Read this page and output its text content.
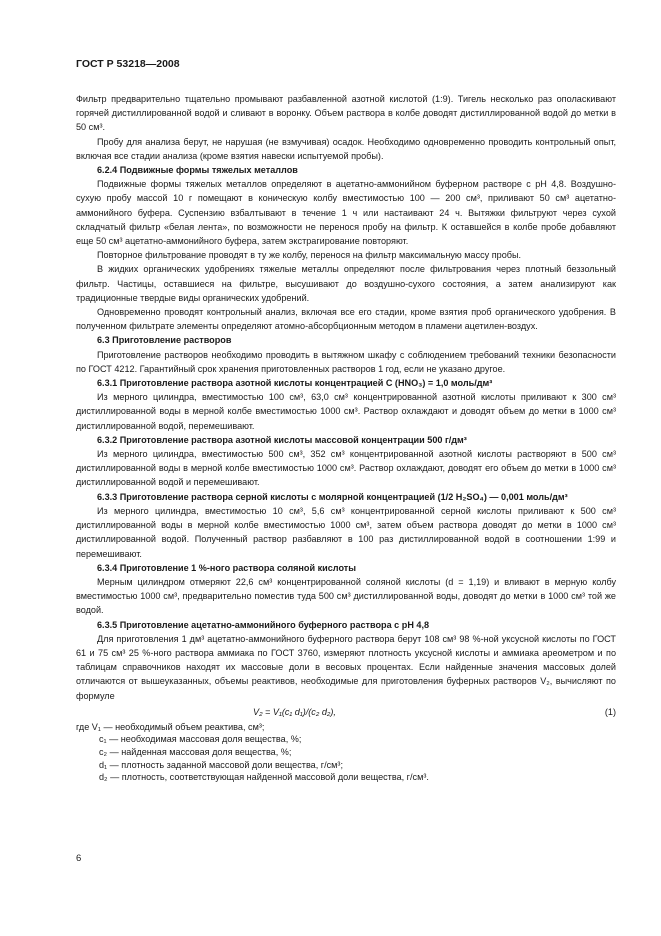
ГОСТ Р 53218—2008

Фильтр предварительно тщательно промывают разбавленной азотной кислотой (1:9). Тигель несколько раз ополаскивают горячей дистиллированной водой и сливают в воронку. Объем раствора в колбе доводят дистиллированной водой до метки в 50 см³.

Пробу для анализа берут, не нарушая (не взмучивая) осадок. Необходимо одновременно проводить контрольный опыт, включая все стадии анализа (кроме взятия навески испытуемой пробы).

6.2.4 Подвижные формы тяжелых металлов

Подвижные формы тяжелых металлов определяют в ацетатно-аммонийном буферном растворе с pH 4,8. Воздушно-сухую пробу массой 10 г помещают в коническую колбу вместимостью 100 — 200 см³, приливают 50 см³ ацетатно-аммонийного буфера. Суспензию взбалтывают в течение 1 ч или настаивают 24 ч. Вытяжки фильтруют через сухой складчатый фильтр «белая лента», по возможности не перенося пробу на фильтр. К оставшейся в колбе пробе добавляют еще 50 см³ ацетатно-аммонийного буфера, затем экстрагирование повторяют.

Повторное фильтрование проводят в ту же колбу, перенося на фильтр максимальную массу пробы.

В жидких органических удобрениях тяжелые металлы определяют после фильтрования через плотный беззольный фильтр. Частицы, оставшиеся на фильтре, высушивают до воздушно-сухого состояния, а затем анализируют как традиционные твердые виды органических удобрений.

Одновременно проводят контрольный анализ, включая все его стадии, кроме взятия проб органического удобрения. В полученном фильтрате элементы определяют атомно-абсорбционным методом в пламени ацетилен-воздух.

6.3 Приготовление растворов

Приготовление растворов необходимо проводить в вытяжном шкафу с соблюдением требований техники безопасности по ГОСТ 4212. Гарантийный срок хранения приготовленных растворов 1 год, если не указано другое.

6.3.1 Приготовление раствора азотной кислоты концентрацией C (HNO₃) = 1,0 моль/дм³

Из мерного цилиндра, вместимостью 100 см³, 63,0 см³ концентрированной азотной кислоты приливают к 300 см³ дистиллированной воды в мерной колбе вместимостью 1000 см³. Раствор охлаждают и доводят объем до метки в 1000 см³ дистиллированной водой, перемешивают.

6.3.2 Приготовление раствора азотной кислоты массовой концентрации 500 г/дм³

Из мерного цилиндра, вместимостью 500 см³, 352 см³ концентрированной азотной кислоты растворяют в 500 см³ дистиллированной воды в мерной колбе вместимостью 1000 см³. Раствор охлаждают, доводят его объем до метки в 1000 см³ дистиллированной водой и перемешивают.

6.3.3 Приготовление раствора серной кислоты с молярной концентрацией (1/2 H₂SO₄) — 0,001 моль/дм³

Из мерного цилиндра, вместимостью 10 см³, 5,6 см³ концентрированной серной кислоты приливают к 500 см³ дистиллированной воды в мерной колбе вместимостью 1000 см³, затем объем раствора доводят до метки в 1000 см³ дистиллированной водой. Полученный раствор разбавляют в 100 раз дистиллированной водой в соотношении 1:99 и перемешивают.

6.3.4 Приготовление 1 %-ного раствора соляной кислоты

Мерным цилиндром отмеряют 22,6 см³ концентрированной соляной кислоты (d = 1,19) и вливают в мерную колбу вместимостью 1000 см³, предварительно поместив туда 500 см³ дистиллированной воды, доводят до метки в 1000 см³ той же водой.

6.3.5 Приготовление ацетатно-аммонийного буферного раствора с pH 4,8

Для приготовления 1 дм³ ацетатно-аммонийного буферного раствора берут 108 см³ 98 %-ной уксусной кислоты по ГОСТ 61 и 75 см³ 25 %-ного раствора аммиака по ГОСТ 3760, измеряют плотность уксусной кислоты и аммиака ареометром и по таблицам справочников находят их массовые доли в весовых процентах. Если найденные значения массовых долей отличаются от вышеуказанных, объемы реактивов, необходимые для приготовления буферных растворов V₂, вычисляют по формуле

V₂ = V₁(c₁ d₁)/(c₂ d₂),	(1)

где V₁ — необходимый объем реактива, см³;

c₁ — необходимая массовая доля вещества, %;

c₂ — найденная массовая доля вещества, %;

d₁ — плотность заданной массовой доли вещества, г/см³;

d₂ — плотность, соответствующая найденной массовой доли вещества, г/см³.

6
